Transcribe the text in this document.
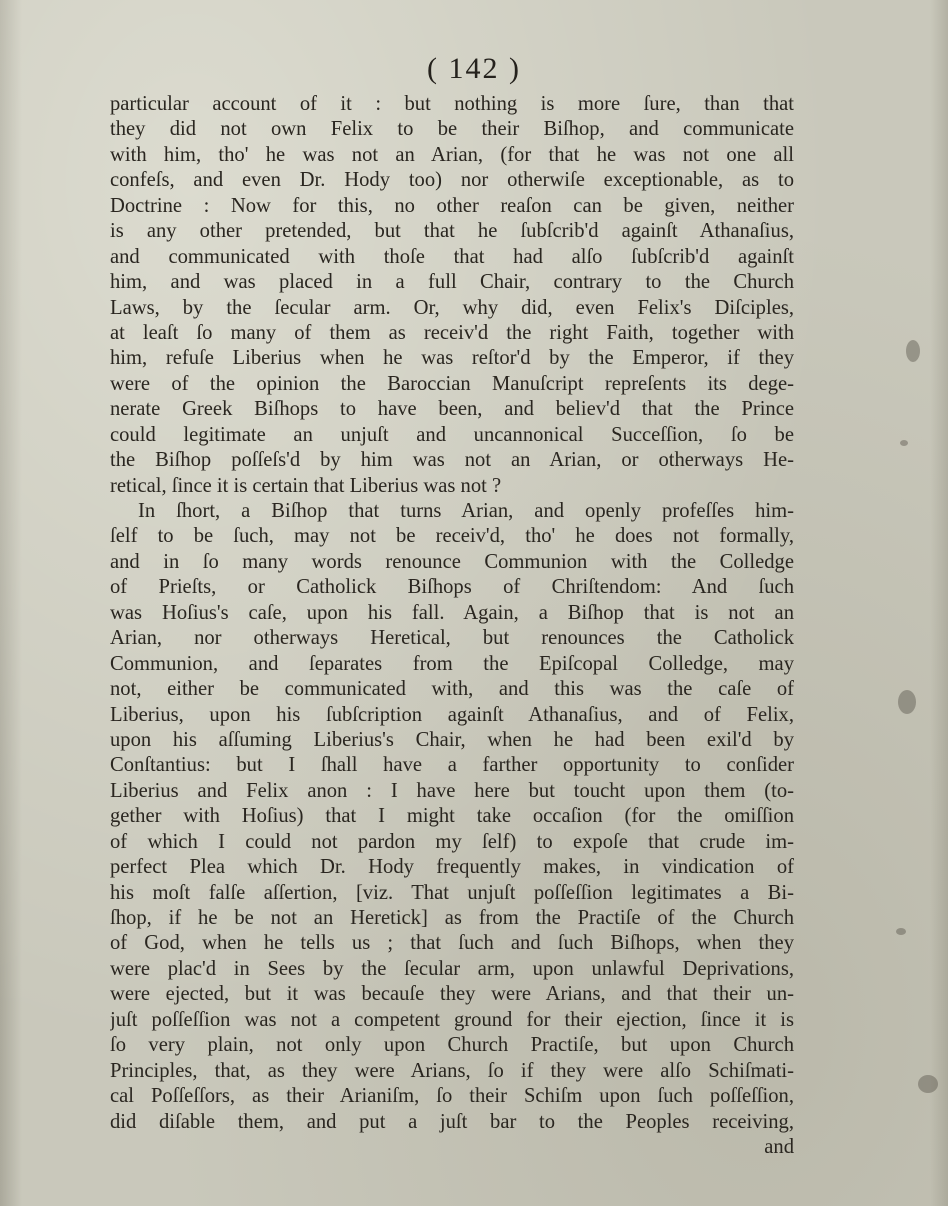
( 142 )
particular account of it : but nothing is more ſure, than that
they did not own Felix to be their Biſhop, and communicate
with him, tho' he was not an Arian, (for that he was not one all
confeſs, and even Dr. Hody too) nor otherwiſe exceptionable, as to
Doctrine : Now for this, no other reaſon can be given, neither
is any other pretended, but that he ſubſcrib'd againſt Athanaſius,
and communicated with thoſe that had alſo ſubſcrib'd againſt
him, and was placed in a full Chair, contrary to the Church
Laws, by the ſecular arm. Or, why did, even Felix's Diſciples,
at leaſt ſo many of them as receiv'd the right Faith, together with
him, refuſe Liberius when he was reſtor'd by the Emperor, if they
were of the opinion the Baroccian Manuſcript repreſents its dege-
nerate Greek Biſhops to have been, and believ'd that the Prince
could legitimate an unjuſt and uncannonical Succeſſion, ſo be
the Biſhop poſſeſs'd by him was not an Arian, or otherways He-
retical, ſince it is certain that Liberius was not ?
In ſhort, a Biſhop that turns Arian, and openly profeſſes him-
ſelf to be ſuch, may not be receiv'd, tho' he does not formally,
and in ſo many words renounce Communion with the Colledge
of Prieſts, or Catholick Biſhops of Chriſtendom: And ſuch
was Hoſius's caſe, upon his fall. Again, a Biſhop that is not an
Arian, nor otherways Heretical, but renounces the Catholick
Communion, and ſeparates from the Epiſcopal Colledge, may
not, either be communicated with, and this was the caſe of
Liberius, upon his ſubſcription againſt Athanaſius, and of Felix,
upon his aſſuming Liberius's Chair, when he had been exil'd by
Conſtantius: but I ſhall have a farther opportunity to conſider
Liberius and Felix anon : I have here but toucht upon them (to-
gether with Hoſius) that I might take occaſion (for the omiſſion
of which I could not pardon my ſelf) to expoſe that crude im-
perfect Plea which Dr. Hody frequently makes, in vindication of
his moſt falſe aſſertion, [viz. That unjuſt poſſeſſion legitimates a Bi-
ſhop, if he be not an Heretick] as from the Practiſe of the Church
of God, when he tells us ; that ſuch and ſuch Biſhops, when they
were plac'd in Sees by the ſecular arm, upon unlawful Deprivations,
were ejected, but it was becauſe they were Arians, and that their un-
juſt poſſeſſion was not a competent ground for their ejection, ſince it is
ſo very plain, not only upon Church Practiſe, but upon Church
Principles, that, as they were Arians, ſo if they were alſo Schiſmati-
cal Poſſeſſors, as their Arianiſm, ſo their Schiſm upon ſuch poſſeſſion,
did diſable them, and put a juſt bar to the Peoples receiving,
and
